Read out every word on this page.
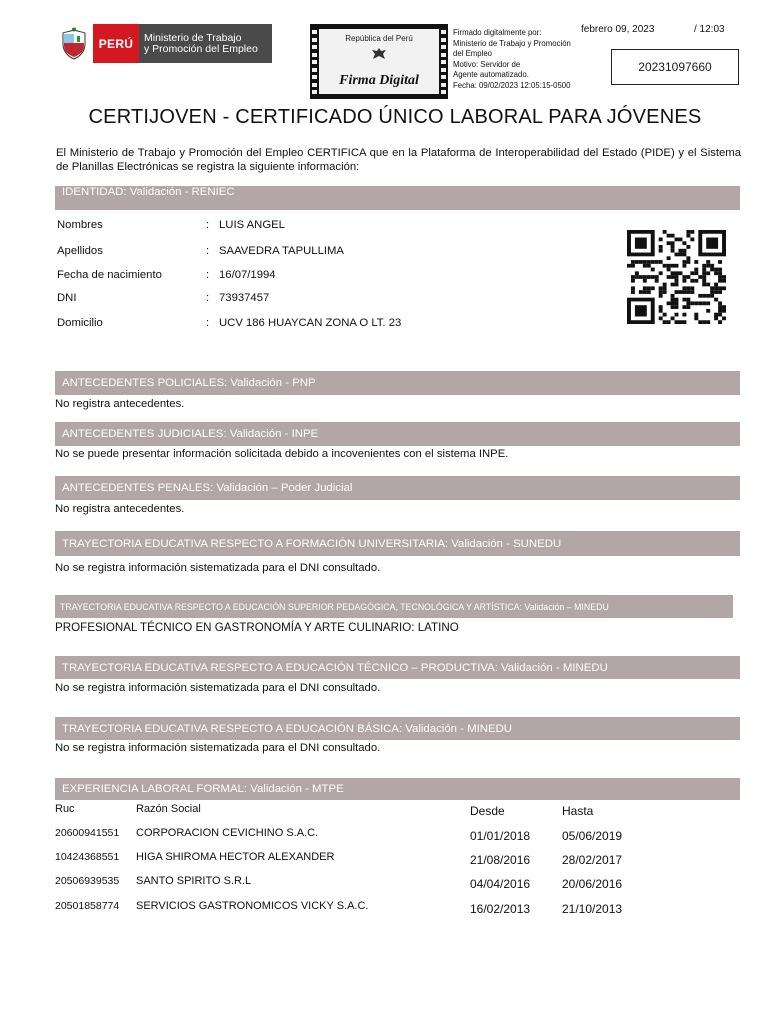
PERÚ	Ministerio de Trabajo
y Promoción del Empleo
República del Perú
Firma Digital
Firmado digitalmente por:
Ministerio de Trabajo y Promoción
del Empleo
Motivo: Servidor de
Agente automatizado.
Fecha: 09/02/2023 12:05:15-0500
febrero 09, 2023	/ 12:03
20231097660
CERTIJOVEN - CERTIFICADO ÚNICO LABORAL PARA JÓVENES
El Ministerio de Trabajo y Promoción del Empleo CERTIFICA que en la Plataforma de Interoperabilidad del Estado (PIDE) y el Sistema de Planillas Electrónicas se registra la siguiente información:
IDENTIDAD: Validación - RENIEC
Nombres	: LUIS ANGEL
Apellidos	: SAAVEDRA TAPULLIMA
Fecha de nacimiento	: 16/07/1994
DNI	: 73937457
Domicilio	: UCV 186 HUAYCAN ZONA O LT. 23
ANTECEDENTES POLICIALES: Validación - PNP
No registra antecedentes.
ANTECEDENTES JUDICIALES: Validación - INPE
No se puede presentar información solicitada debido a incovenientes con el sistema INPE.
ANTECEDENTES PENALES: Validación – Poder Judicial
No registra antecedentes.
TRAYECTORIA EDUCATIVA RESPECTO A FORMACIÓN UNIVERSITARIA: Validación - SUNEDU
No se registra información sistematizada para el DNI consultado.
TRAYECTORIA EDUCATIVA RESPECTO A EDUCACIÓN SUPERIOR PEDAGÓGICA, TECNOLÓGICA Y ARTÍSTICA: Validación – MINEDU
PROFESIONAL TÉCNICO EN GASTRONOMÍA Y ARTE CULINARIO: LATINO
TRAYECTORIA EDUCATIVA RESPECTO A EDUCACIÓN TÉCNICO – PRODUCTIVA: Validación - MINEDU
No se registra información sistematizada para el DNI consultado.
TRAYECTORIA EDUCATIVA RESPECTO A EDUCACIÓN BÁSICA: Validación - MINEDU
No se registra información sistematizada para el DNI consultado.
EXPERIENCIA LABORAL FORMAL: Validación - MTPE
Ruc	Razón Social	Desde	Hasta
20600941551 CORPORACION CEVICHINO S.A.C.	01/01/2018	05/06/2019
10424368551 HIGA SHIROMA HECTOR ALEXANDER	21/08/2016	28/02/2017
20506939535 SANTO SPIRITO S.R.L	04/04/2016	20/06/2016
20501858774 SERVICIOS GASTRONOMICOS VICKY S.A.C.	16/02/2013	21/10/2013
